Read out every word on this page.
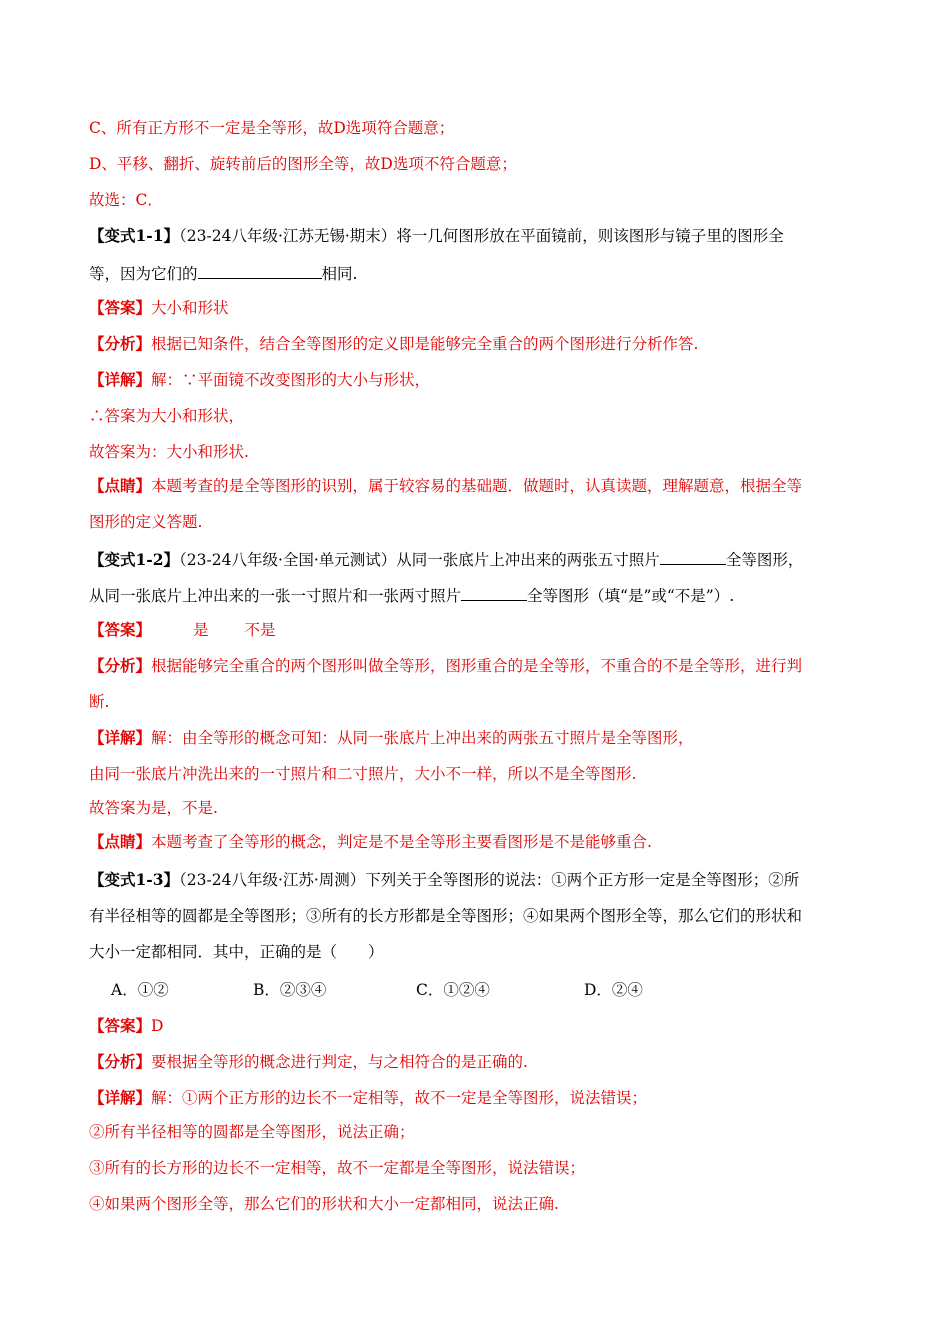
C、所有正方形不一定是全等形，故D选项符合题意；
D、平移、翻折、旋转前后的图形全等，故D选项不符合题意；
故选：C．
【变式1-1】（23-24八年级·江苏无锡·期末）将一几何图形放在平面镜前，则该图形与镜子里的图形全
等，因为它们的	相同.
【答案】大小和形状
【分析】根据已知条件，结合全等图形的定义即是能够完全重合的两个图形进行分析作答.
【详解】解：∵平面镜不改变图形的大小与形状，
∴答案为大小和形状，
故答案为：大小和形状.
【点睛】本题考查的是全等图形的识别，属于较容易的基础题．做题时，认真读题，理解题意，根据全等
图形的定义答题.
【变式1-2】（23-24八年级·全国·单元测试）从同一张底片上冲出来的两张五寸照片	全等图形，
从同一张底片上冲出来的一张一寸照片和一张两寸照片	全等图形（填“是”或“不是”）.
【答案】	是 不是
【分析】根据能够完全重合的两个图形叫做全等形，图形重合的是全等形，不重合的不是全等形，进行判
断.
【详解】解：由全等形的概念可知：从同一张底片上冲出来的两张五寸照片是全等图形，
由同一张底片冲洗出来的一寸照片和二寸照片，大小不一样，所以不是全等图形.
故答案为是，不是.
【点睛】本题考查了全等形的概念，判定是不是全等形主要看图形是不是能够重合.
【变式1-3】（23-24八年级·江苏·周测）下列关于全等图形的说法：①两个正方形一定是全等图形；②所
有半径相等的圆都是全等图形；③所有的长方形都是全等图形；④如果两个图形全等，那么它们的形状和
大小一定都相同．其中，正确的是（　　）
A．①②	B．②③④	C．①②④	D．②④
【答案】D
【分析】要根据全等形的概念进行判定，与之相符合的是正确的.
【详解】解：①两个正方形的边长不一定相等，故不一定是全等图形，说法错误；
②所有半径相等的圆都是全等图形，说法正确；
③所有的长方形的边长不一定相等，故不一定都是全等图形，说法错误；
④如果两个图形全等，那么它们的形状和大小一定都相同，说法正确.
